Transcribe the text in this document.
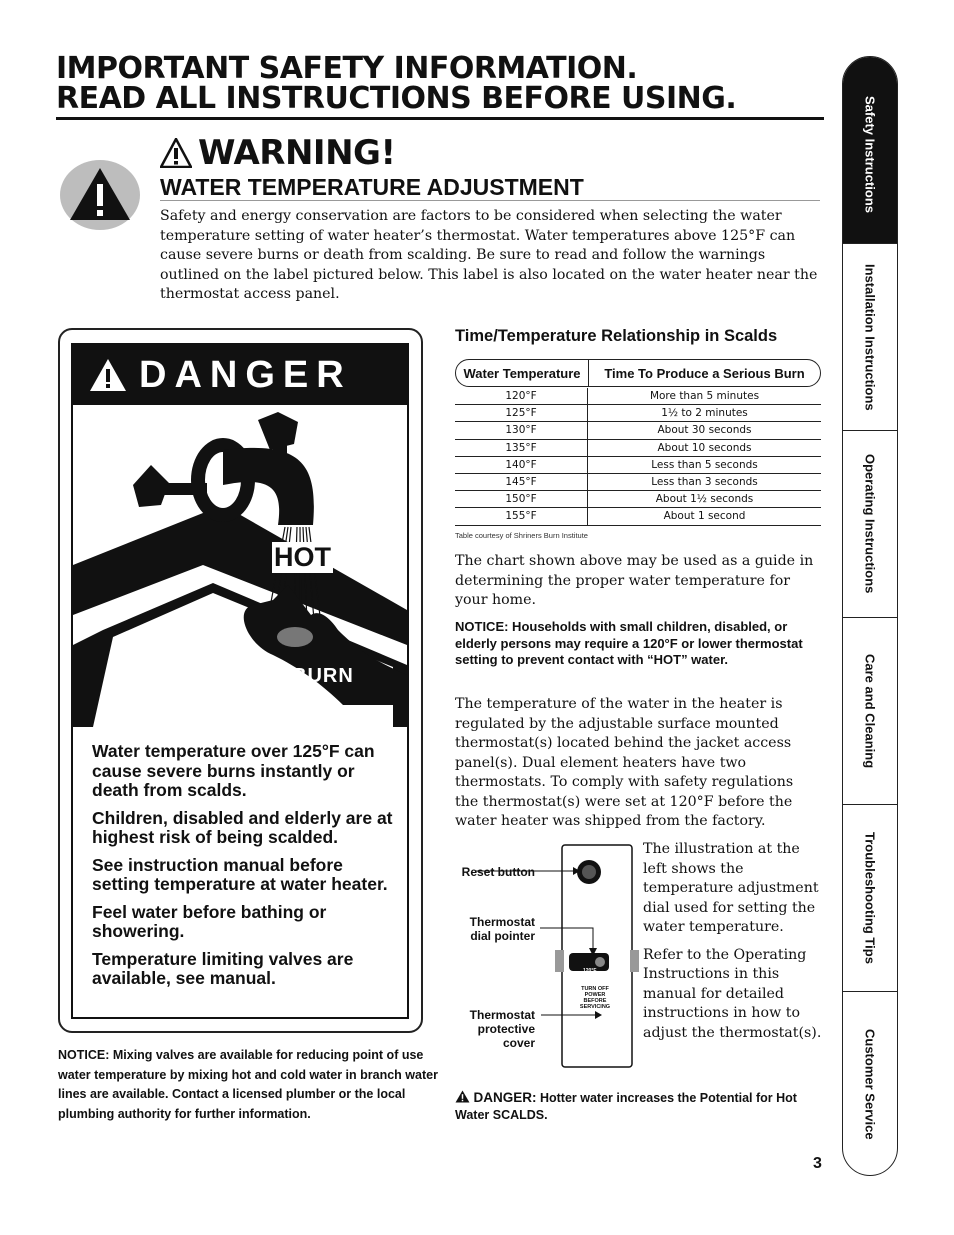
IMPORTANT SAFETY INFORMATION.
READ ALL INSTRUCTIONS BEFORE USING.
WARNING!
WATER TEMPERATURE ADJUSTMENT
Safety and energy conservation are factors to be considered when selecting the water temperature setting of water heater’s thermostat. Water temperatures above 125°F can cause severe burns or death from scalding. Be sure to read and follow the warnings outlined on the label pictured below. This label is also located on the water heater near the thermostat access panel.
DANGER
HOT
BURN

Water temperature over 125°F can cause severe burns instantly or death from scalds.

Children, disabled and elderly are at highest risk of being scalded.

See instruction manual before setting temperature at water heater.

Feel water before bathing or showering.

Temperature limiting valves are available, see manual.

NOTICE: Mixing valves are available for reducing point of use water temperature by mixing hot and cold water in branch water lines are available. Contact a licensed plumber or the local plumbing authority for further information.
Time/Temperature Relationship in Scalds
Water Temperature	Time To Produce a Serious Burn
120°F	More than 5 minutes
125°F	1½ to 2 minutes
130°F	About 30 seconds
135°F	About 10 seconds
140°F	Less than 5 seconds
145°F	Less than 3 seconds
150°F	About 1½ seconds
155°F	About 1 second
Table courtesy of Shriners Burn Institute
The chart shown above may be used as a guide in determining the proper water temperature for your home.
NOTICE: Households with small children, disabled, or elderly persons may require a 120°F or lower thermostat setting to prevent contact with “HOT” water.
The temperature of the water in the heater is regulated by the adjustable surface mounted thermostat(s) located behind the jacket access panel(s). Dual element heaters have two thermostats. To comply with safety regulations the thermostat(s) were set at 120°F before the water heater was shipped from the factory.
120°F
TURN OFF
POWER
BEFORE
SERVICING
Reset button
Thermostat
dial pointer
Thermostat
protective
cover
The illustration at the left shows the temperature adjustment dial used for setting the water temperature.
Refer to the Operating Instructions in this manual for detailed instructions in how to adjust the thermostat(s).
DANGER: Hotter water increases the Potential for Hot Water SCALDS.
Safety Instructions
Installation Instructions
Operating Instructions
Care and Cleaning
Troubleshooting Tips
Customer Service
3
